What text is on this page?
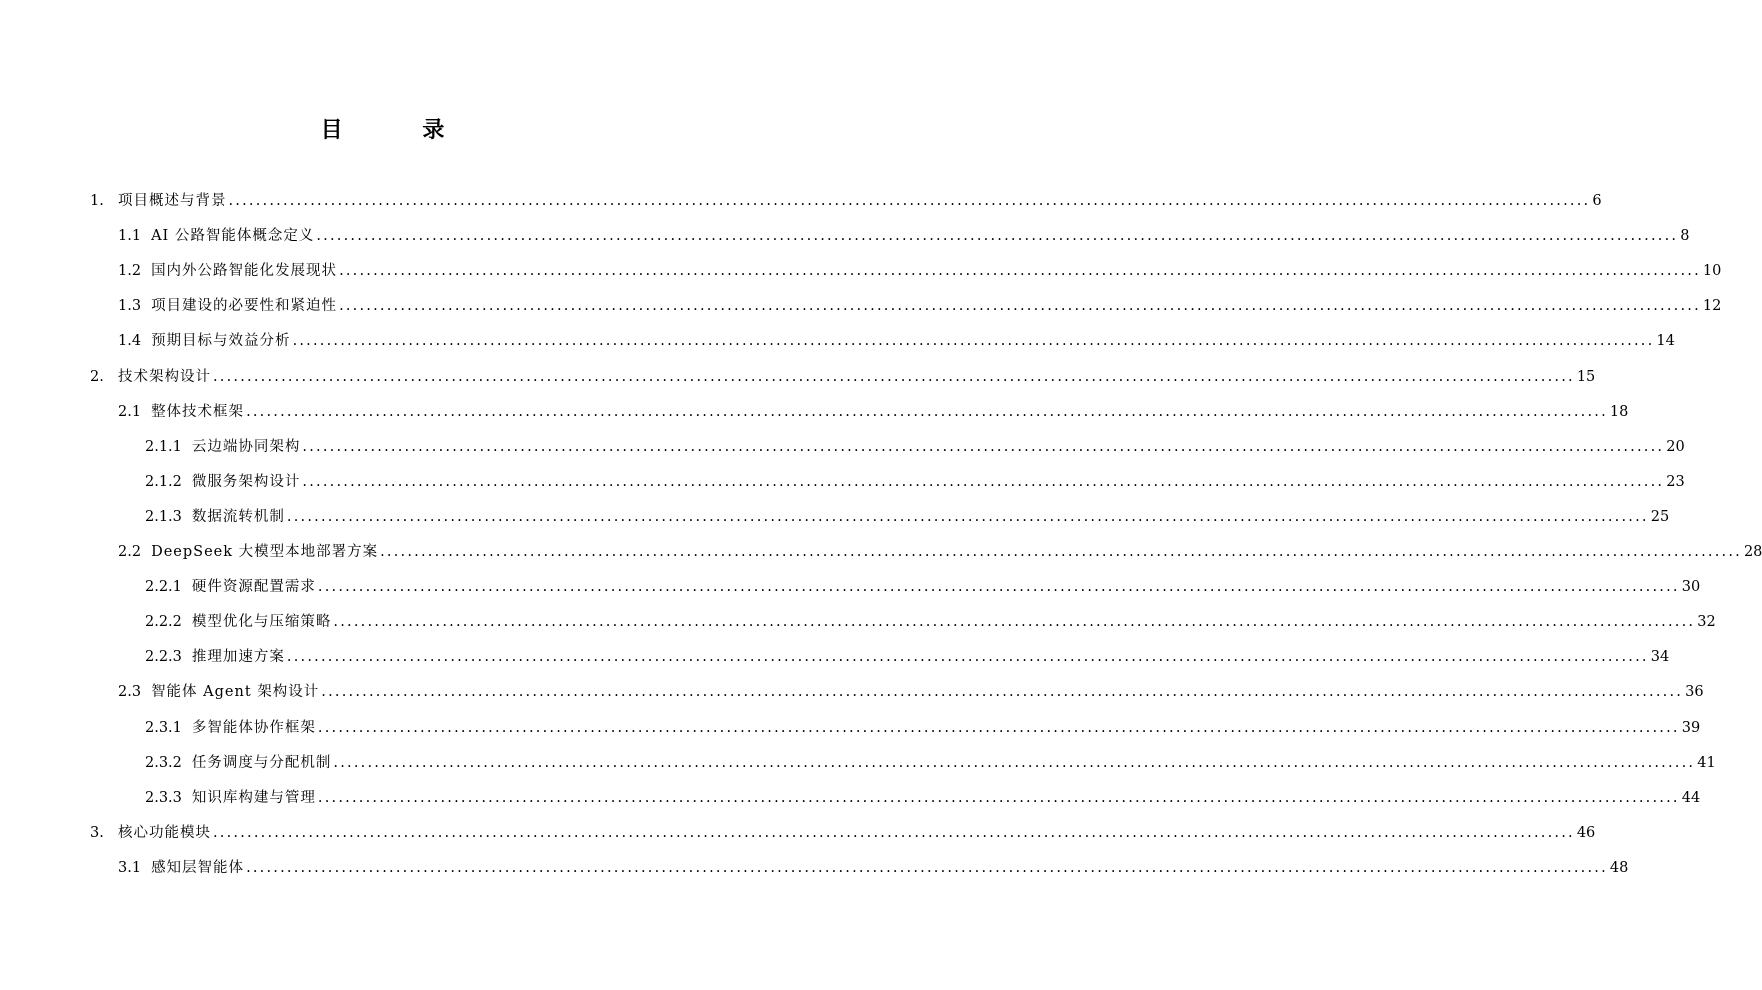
目 录
1. 项目概述与背景 ........................................................................................................................................................................................................ 6
1.1 AI 公路智能体概念定义 ........................................................................................................................................................................................................ 8
1.2 国内外公路智能化发展现状 ........................................................................................................................................................................................................ 10
1.3 项目建设的必要性和紧迫性 ........................................................................................................................................................................................................ 12
1.4 预期目标与效益分析 ........................................................................................................................................................................................................ 14
2. 技术架构设计 ........................................................................................................................................................................................................ 15
2.1 整体技术框架 ........................................................................................................................................................................................................ 18
2.1.1 云边端协同架构 ........................................................................................................................................................................................................ 20
2.1.2 微服务架构设计 ........................................................................................................................................................................................................ 23
2.1.3 数据流转机制 ........................................................................................................................................................................................................ 25
2.2 DeepSeek 大模型本地部署方案 ........................................................................................................................................................................................................ 28
2.2.1 硬件资源配置需求 ........................................................................................................................................................................................................ 30
2.2.2 模型优化与压缩策略 ........................................................................................................................................................................................................ 32
2.2.3 推理加速方案 ........................................................................................................................................................................................................ 34
2.3 智能体 Agent 架构设计 ........................................................................................................................................................................................................ 36
2.3.1 多智能体协作框架 ........................................................................................................................................................................................................ 39
2.3.2 任务调度与分配机制 ........................................................................................................................................................................................................ 41
2.3.3 知识库构建与管理 ........................................................................................................................................................................................................ 44
3. 核心功能模块 ........................................................................................................................................................................................................ 46
3.1 感知层智能体 ........................................................................................................................................................................................................ 48
